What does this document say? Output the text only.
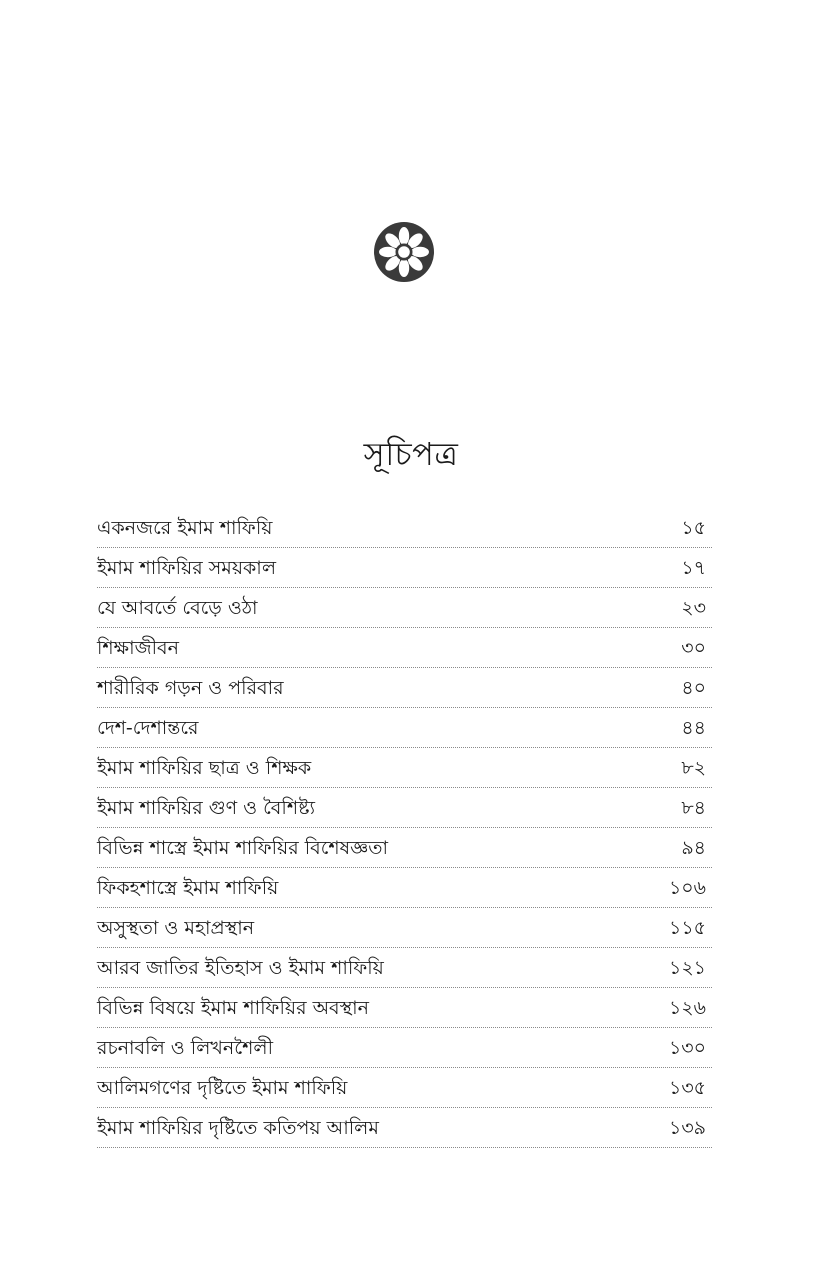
সূচিপত্র
একনজরে ইমাম শাফিয়ি	১৫
ইমাম শাফিয়ির সময়কাল	১৭
যে আবর্তে বেড়ে ওঠা	২৩
শিক্ষাজীবন	৩০
শারীরিক গড়ন ও পরিবার	৪০
দেশ-দেশান্তরে	৪৪
ইমাম শাফিয়ির ছাত্র ও শিক্ষক	৮২
ইমাম শাফিয়ির গুণ ও বৈশিষ্ট্য	৮৪
বিভিন্ন শাস্ত্রে ইমাম শাফিয়ির বিশেষজ্ঞতা	৯৪
ফিকহশাস্ত্রে ইমাম শাফিয়ি	১০৬
অসুস্থতা ও মহাপ্রস্থান	১১৫
আরব জাতির ইতিহাস ও ইমাম শাফিয়ি	১২১
বিভিন্ন বিষয়ে ইমাম শাফিয়ির অবস্থান	১২৬
রচনাবলি ও লিখনশৈলী	১৩০
আলিমগণের দৃষ্টিতে ইমাম শাফিয়ি	১৩৫
ইমাম শাফিয়ির দৃষ্টিতে কতিপয় আলিম	১৩৯
